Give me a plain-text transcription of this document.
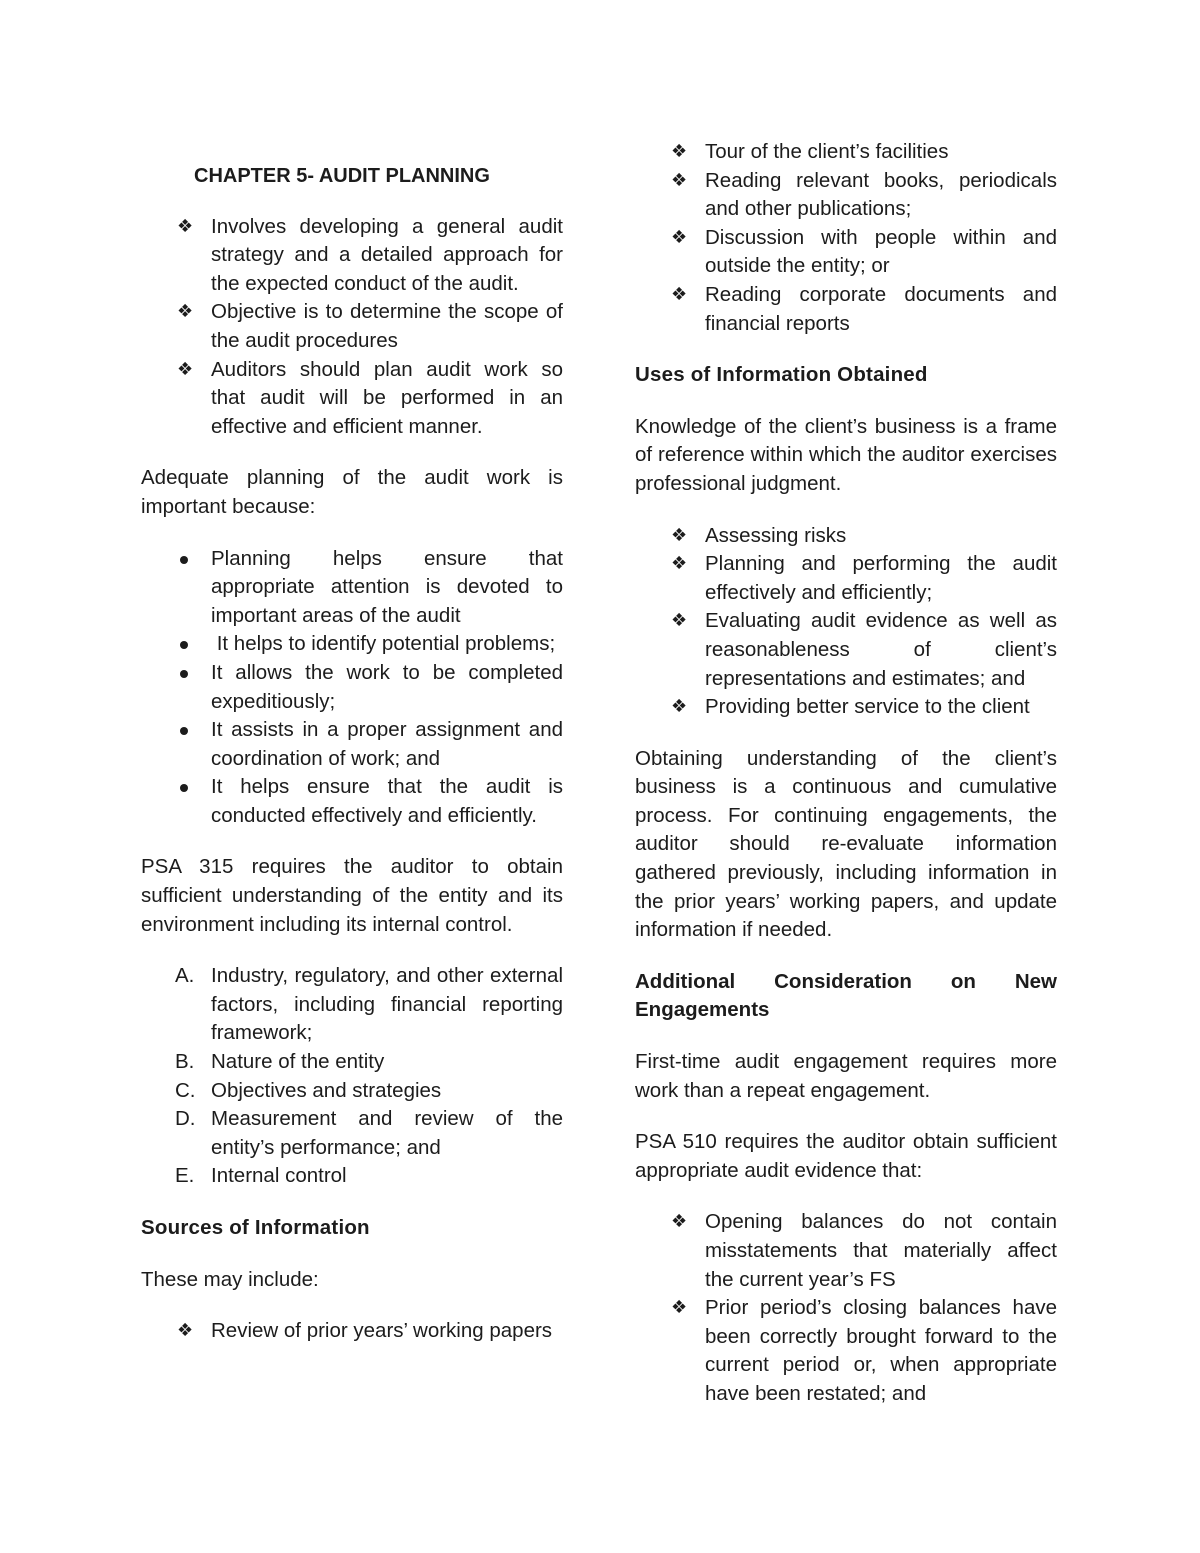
CHAPTER 5- AUDIT PLANNING
❖ Involves developing a general audit strategy and a detailed approach for the expected conduct of the audit.
❖ Objective is to determine the scope of the audit procedures
❖ Auditors should plan audit work so that audit will be performed in an effective and efficient manner.

Adequate planning of the audit work is important because:

Planning helps ensure that appropriate attention is devoted to important areas of the audit
It helps to identify potential problems;
It allows the work to be completed expeditiously;
It assists in a proper assignment and coordination of work; and
It helps ensure that the audit is conducted effectively and efficiently.

PSA 315 requires the auditor to obtain sufficient understanding of the entity and its environment including its internal control.

A. Industry, regulatory, and other external factors, including financial reporting framework;
B. Nature of the entity
C. Objectives and strategies
D. Measurement and review of the entity’s performance; and
E. Internal control
Sources of Information

These may include:

❖ Review of prior years’ working papers
❖ Tour of the client’s facilities
❖ Reading relevant books, periodicals and other publications;
❖ Discussion with people within and outside the entity; or
❖ Reading corporate documents and financial reports
Uses of Information Obtained

Knowledge of the client’s business is a frame of reference within which the auditor exercises professional judgment.

❖ Assessing risks
❖ Planning and performing the audit effectively and efficiently;
❖ Evaluating audit evidence as well as reasonableness of client’s representations and estimates; and
❖ Providing better service to the client

Obtaining understanding of the client’s business is a continuous and cumulative process. For continuing engagements, the auditor should re-evaluate information gathered previously, including information in the prior years’ working papers, and update information if needed.

Additional Consideration on New Engagements

First-time audit engagement requires more work than a repeat engagement.

PSA 510 requires the auditor obtain sufficient appropriate audit evidence that:

❖ Opening balances do not contain misstatements that materially affect the current year’s FS
❖ Prior period’s closing balances have been correctly brought forward to the current period or, when appropriate have been restated; and
